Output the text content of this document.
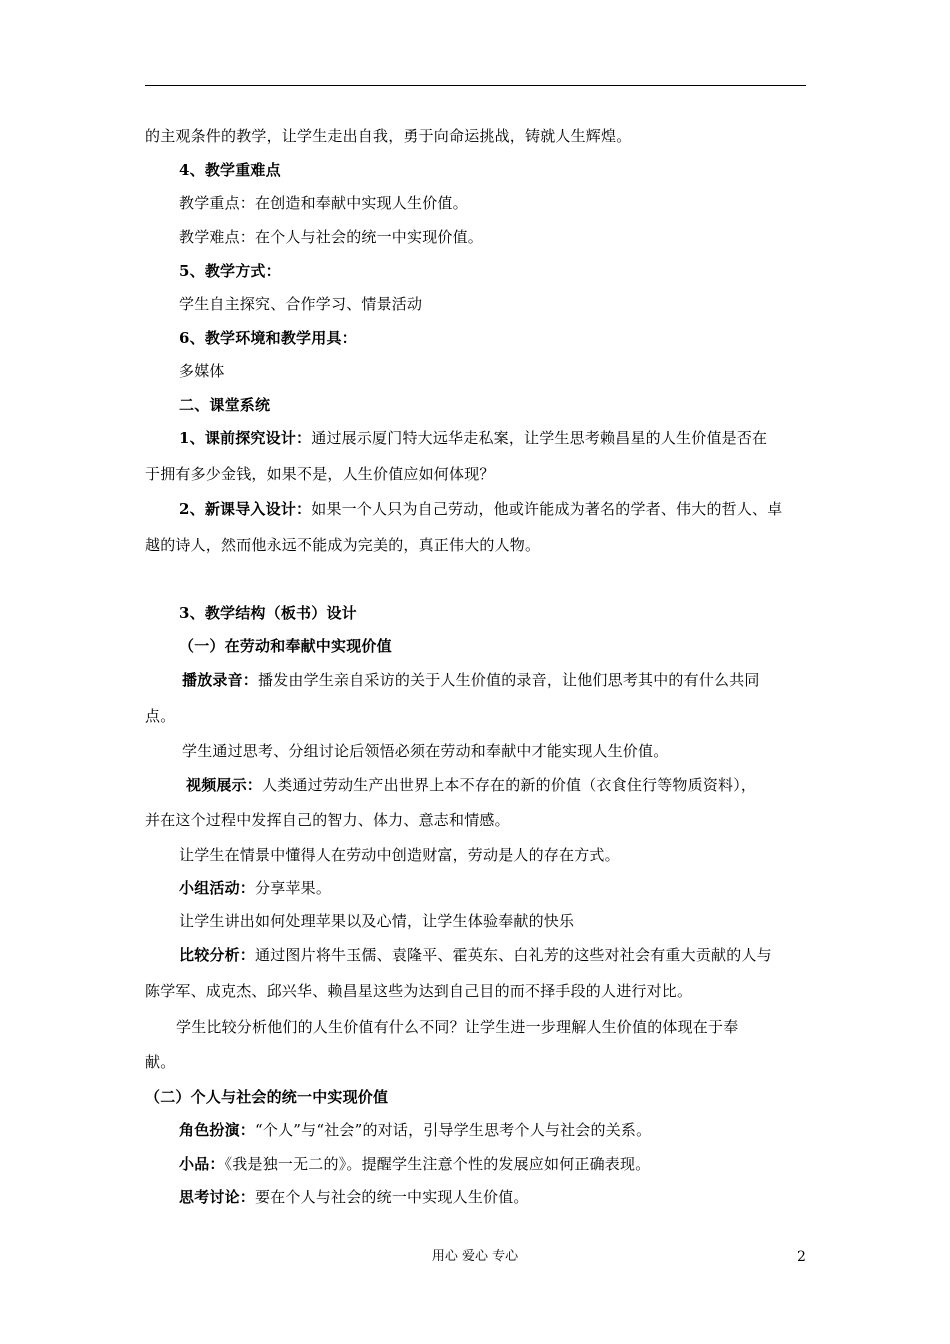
的主观条件的教学，让学生走出自我，勇于向命运挑战，铸就人生辉煌。
4、教学重难点
教学重点：在创造和奉献中实现人生价值。
教学难点：在个人与社会的统一中实现价值。
5、教学方式：
学生自主探究、合作学习、情景活动
6、教学环境和教学用具：
多媒体
二、课堂系统
1、课前探究设计：通过展示厦门特大远华走私案，让学生思考赖昌星的人生价值是否在
于拥有多少金钱，如果不是，人生价值应如何体现？
2、新课导入设计：如果一个人只为自己劳动，他或许能成为著名的学者、伟大的哲人、卓
越的诗人，然而他永远不能成为完美的，真正伟大的人物。
3、教学结构（板书）设计
（一）在劳动和奉献中实现价值
播放录音：播发由学生亲自采访的关于人生价值的录音，让他们思考其中的有什么共同
点。
学生通过思考、分组讨论后领悟必须在劳动和奉献中才能实现人生价值。
视频展示：人类通过劳动生产出世界上本不存在的新的价值（衣食住行等物质资料），
并在这个过程中发挥自己的智力、体力、意志和情感。
让学生在情景中懂得人在劳动中创造财富，劳动是人的存在方式。
小组活动：分享苹果。
让学生讲出如何处理苹果以及心情，让学生体验奉献的快乐
比较分析：通过图片将牛玉儒、袁隆平、霍英东、白礼芳的这些对社会有重大贡献的人与
陈学军、成克杰、邱兴华、赖昌星这些为达到自己目的而不择手段的人进行对比。
学生比较分析他们的人生价值有什么不同？让学生进一步理解人生价值的体现在于奉
献。
（二）个人与社会的统一中实现价值
角色扮演：“个人”与“社会”的对话，引导学生思考个人与社会的关系。
小品：《我是独一无二的》。提醒学生注意个性的发展应如何正确表现。
思考讨论：要在个人与社会的统一中实现人生价值。
用心 爱心 专心	2
